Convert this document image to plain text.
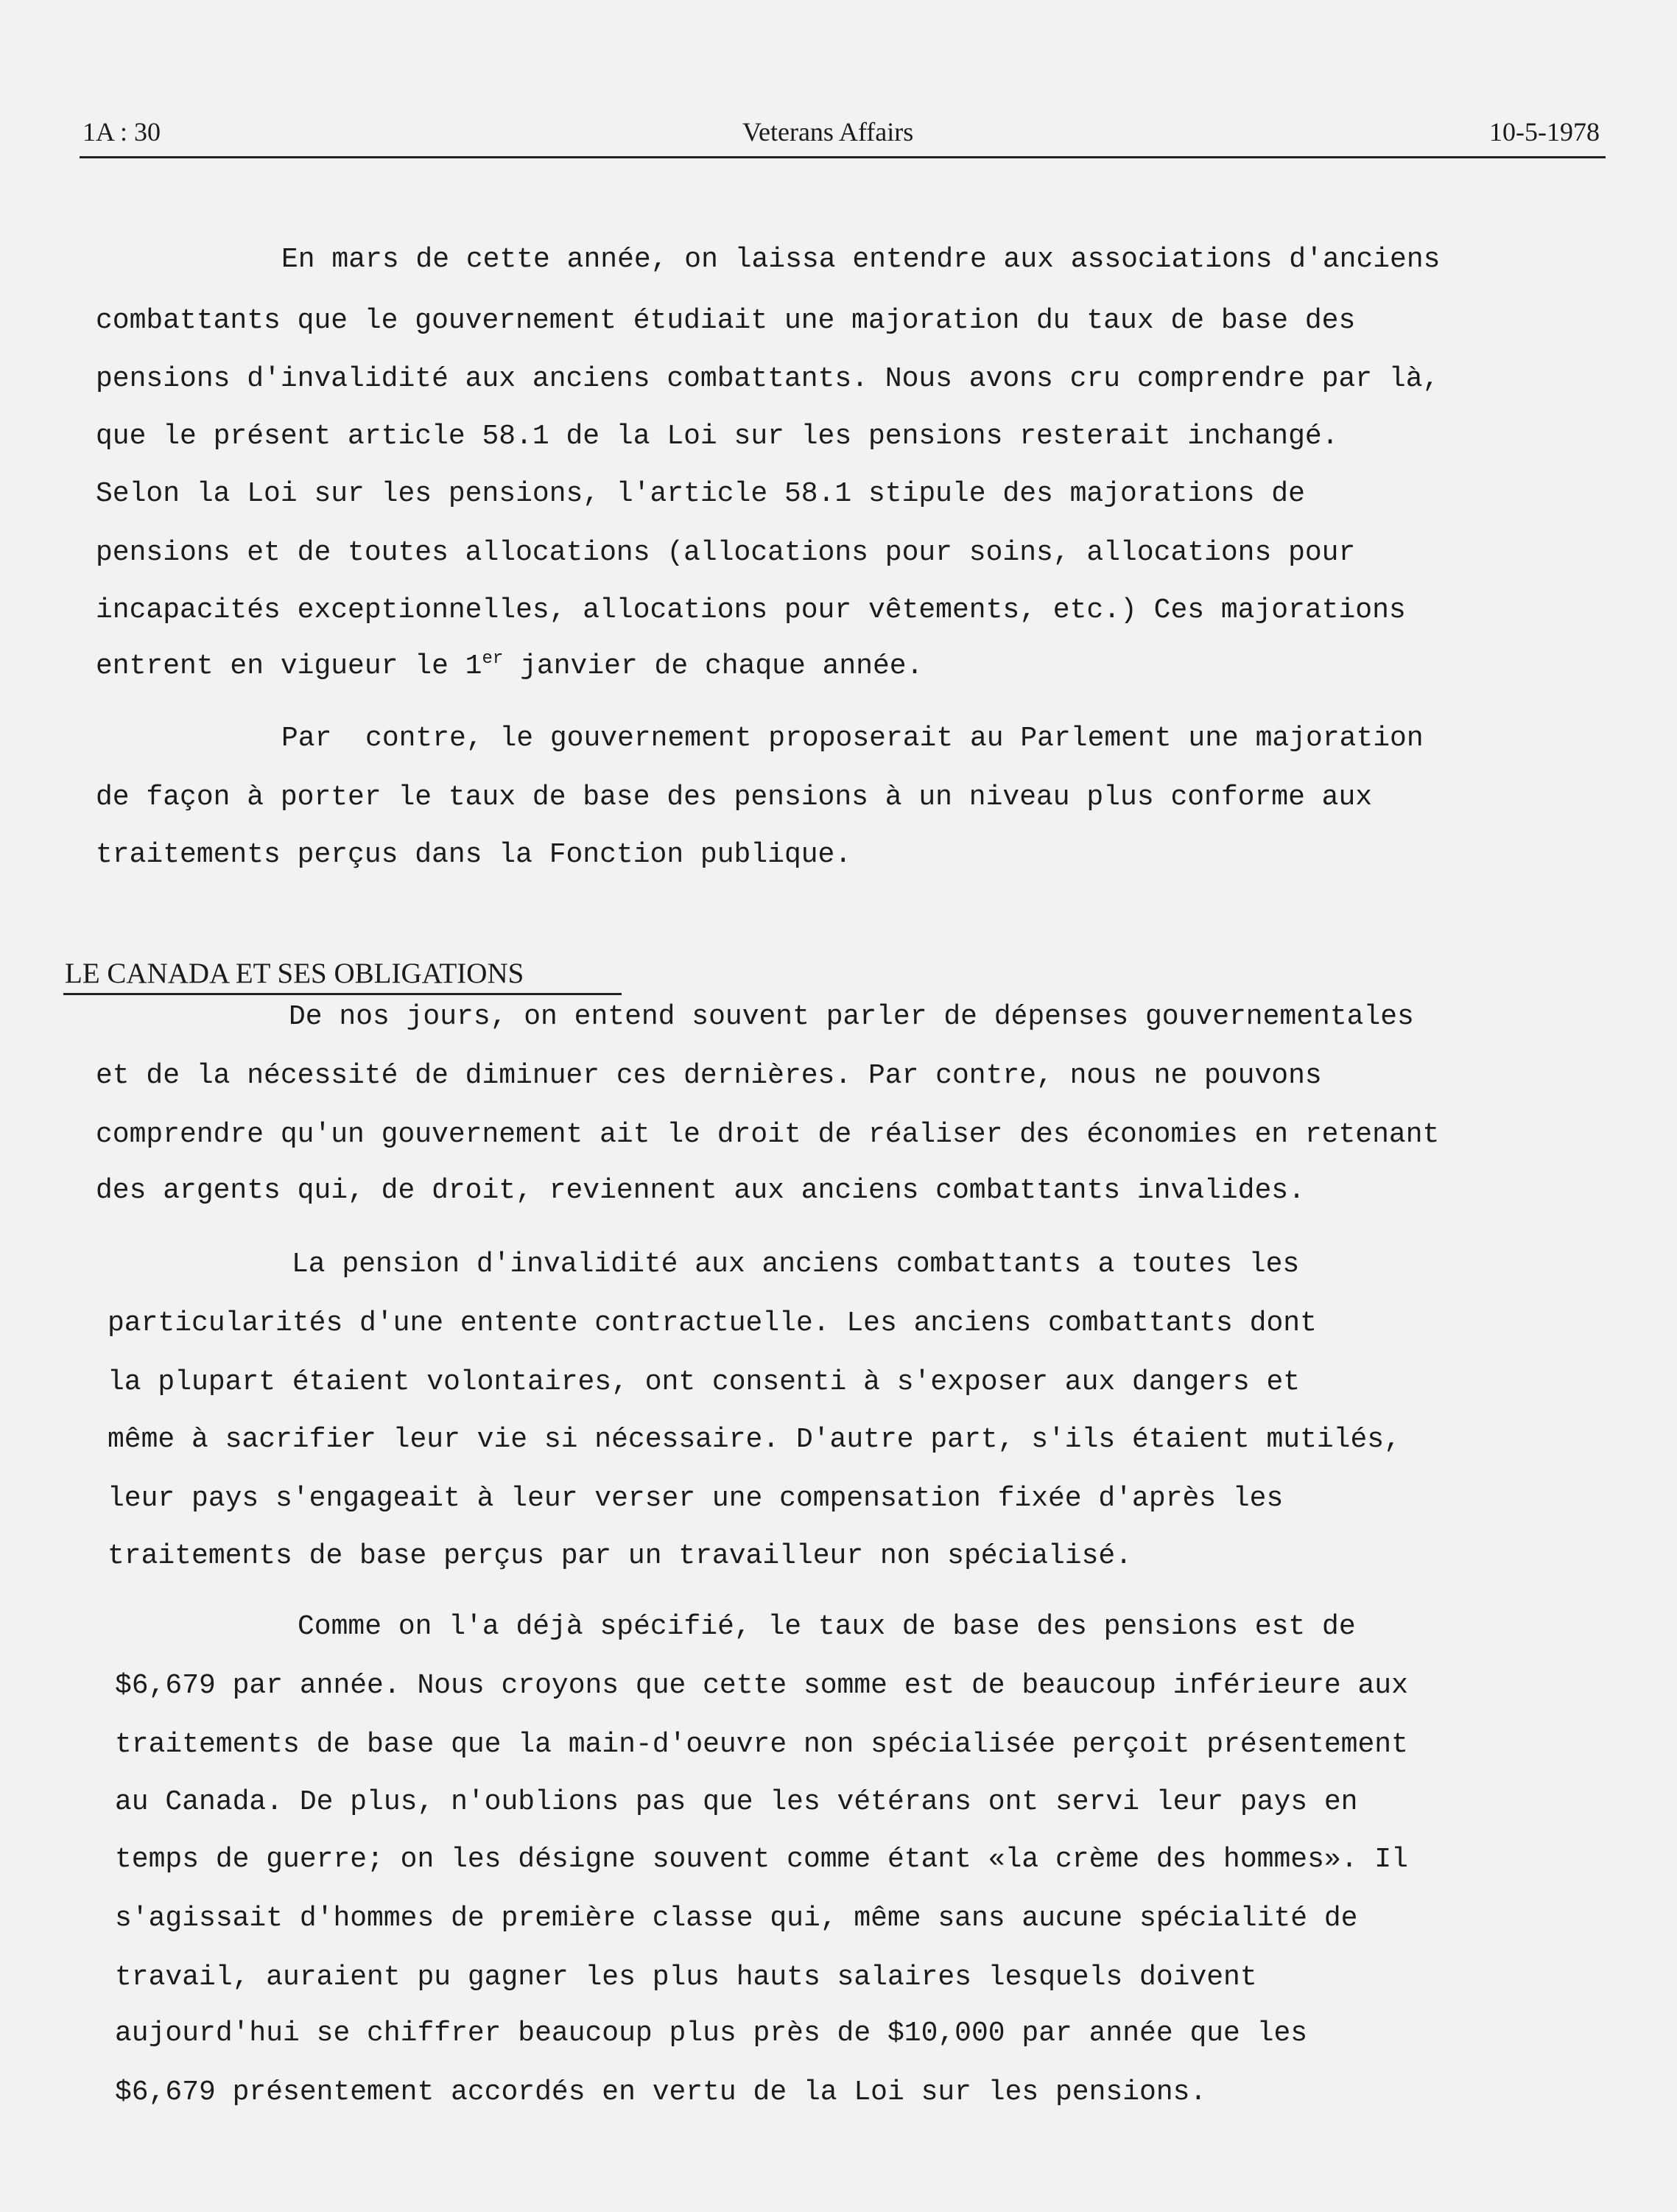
1A : 30	Veterans Affairs	10-5-1978
En mars de cette année, on laissa entendre aux associations d'anciens
combattants que le gouvernement étudiait une majoration du taux de base des
pensions d'invalidité aux anciens combattants. Nous avons cru comprendre par là,
que le présent article 58.1 de la Loi sur les pensions resterait inchangé.
Selon la Loi sur les pensions, l'article 58.1 stipule des majorations de
pensions et de toutes allocations (allocations pour soins, allocations pour
incapacités exceptionnelles, allocations pour vêtements, etc.) Ces majorations
entrent en vigueur le 1er janvier de chaque année.
Par  contre, le gouvernement proposerait au Parlement une majoration
de façon à porter le taux de base des pensions à un niveau plus conforme aux
traitements perçus dans la Fonction publique.
LE CANADA ET SES OBLIGATIONS
De nos jours, on entend souvent parler de dépenses gouvernementales
et de la nécessité de diminuer ces dernières. Par contre, nous ne pouvons
comprendre qu'un gouvernement ait le droit de réaliser des économies en retenant
des argents qui, de droit, reviennent aux anciens combattants invalides.
La pension d'invalidité aux anciens combattants a toutes les
particularités d'une entente contractuelle. Les anciens combattants dont
la plupart étaient volontaires, ont consenti à s'exposer aux dangers et
même à sacrifier leur vie si nécessaire. D'autre part, s'ils étaient mutilés,
leur pays s'engageait à leur verser une compensation fixée d'après les
traitements de base perçus par un travailleur non spécialisé.
Comme on l'a déjà spécifié, le taux de base des pensions est de
$6,679 par année. Nous croyons que cette somme est de beaucoup inférieure aux
traitements de base que la main-d'oeuvre non spécialisée perçoit présentement
au Canada. De plus, n'oublions pas que les vétérans ont servi leur pays en
temps de guerre; on les désigne souvent comme étant «la crème des hommes». Il
s'agissait d'hommes de première classe qui, même sans aucune spécialité de
travail, auraient pu gagner les plus hauts salaires lesquels doivent
aujourd'hui se chiffrer beaucoup plus près de $10,000 par année que les
$6,679 présentement accordés en vertu de la Loi sur les pensions.
